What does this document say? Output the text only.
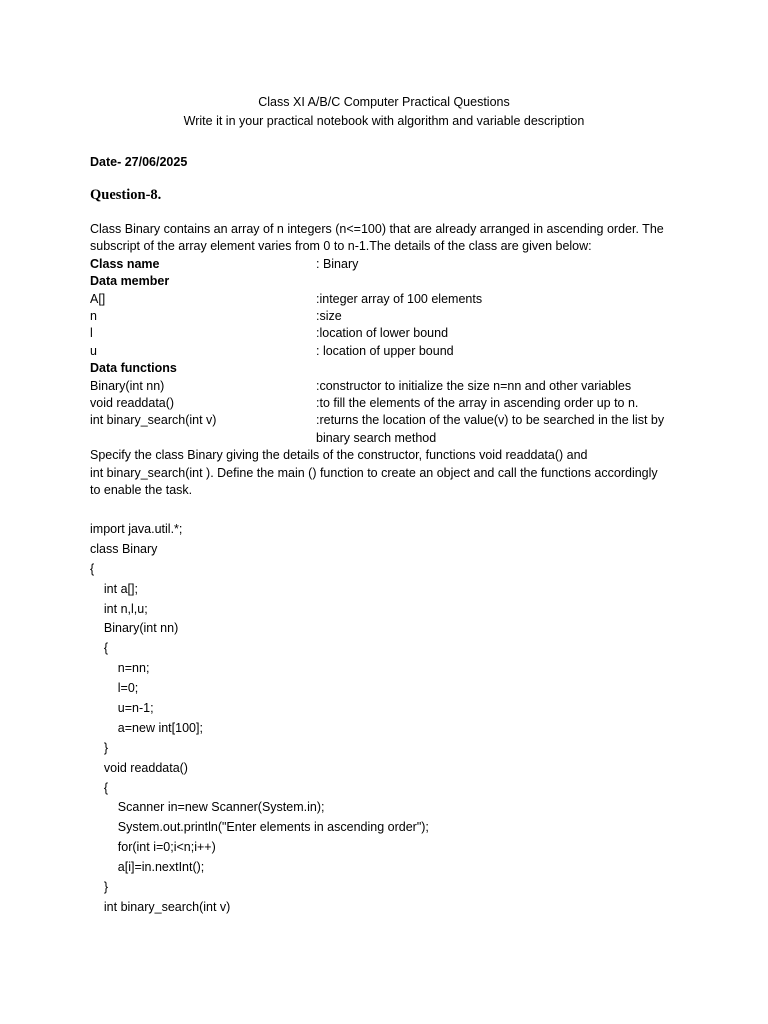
Class XI A/B/C Computer Practical Questions
Write it in your practical notebook with algorithm and variable description
Date- 27/06/2025
Question-8.

Class Binary contains an array of n integers (n<=100) that are already arranged in ascending order. The

subscript of the array element varies from 0 to n-1.The details of the class are given below:

Class name	: Binary
Data member
A[]	:integer array of 100 elements
n	:size
l	:location of lower bound
u	: location of upper bound
Data functions
Binary(int nn)	:constructor to initialize the size n=nn and other variables
void readdata()	:to fill the elements of the array in ascending order up to n.
int binary_search(int v)	:returns the location of the value(v) to be searched in the list by
binary search method

Specify the class Binary giving the details of the constructor, functions void readdata() and

int binary_search(int ). Define the main () function to create an object and call the functions accordingly

to enable the task.

import java.util.*;
class Binary
{
int a[];
int n,l,u;
Binary(int nn)
{
n=nn;
l=0;
u=n-1;
a=new int[100];
}
void readdata()
{
Scanner in=new Scanner(System.in);
System.out.println("Enter elements in ascending order");
for(int i=0;i<n;i++)
a[i]=in.nextInt();
}
int binary_search(int v)
